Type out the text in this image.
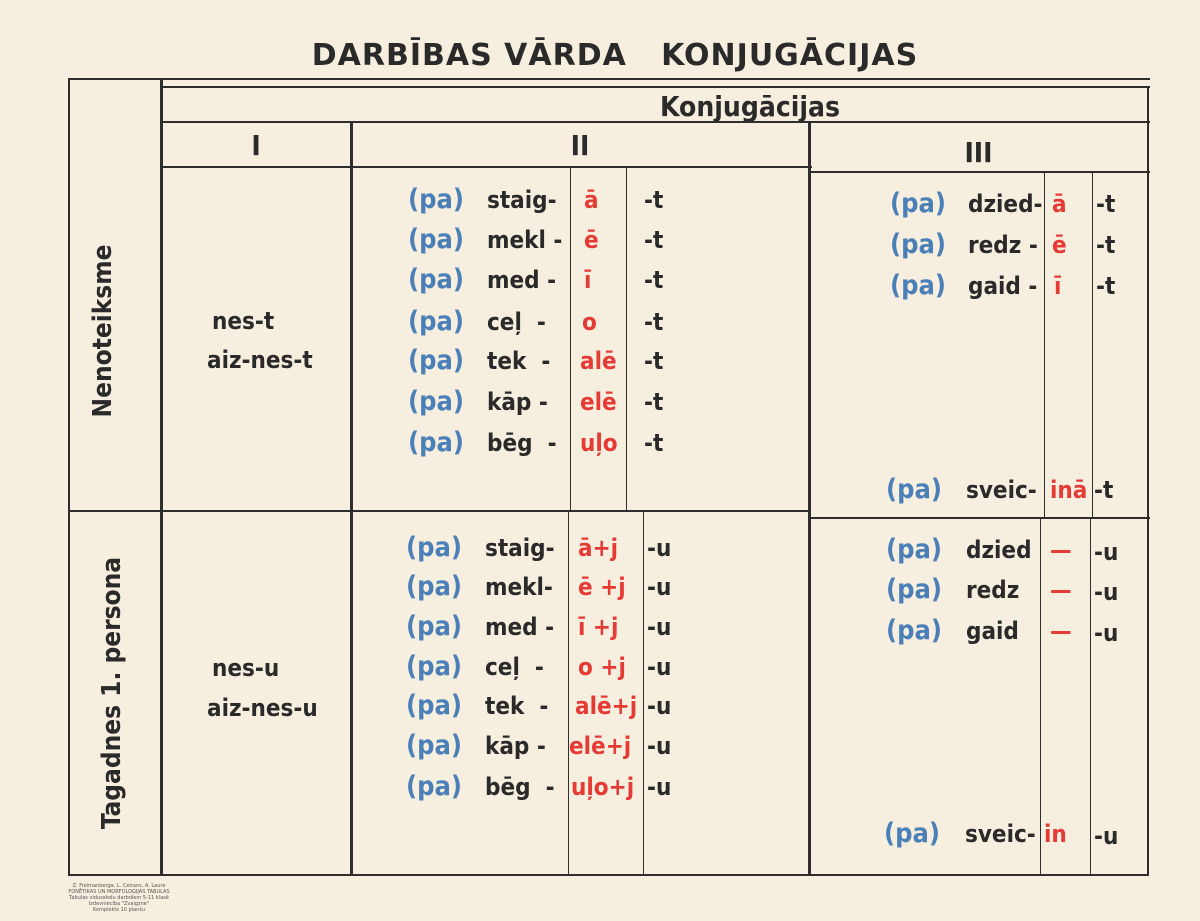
DARBĪBAS VĀRDA   KONJUGĀCIJAS
Konjugācijas
I	II	III
Nenoteiksme
Tagadnes 1. persona
nes-t
aiz-nes-t
nes-u
aiz-nes-u
(pa) staig- ā -t
(pa) mekl - ē -t
(pa) med - ī -t
(pa) ceļ  - o -t
(pa) tek  - alē -t
(pa) kāp - elē -t
(pa) bēg  - uļo -t
(pa) staig- ā+j -u
(pa) mekl- ē +j -u
(pa) med - ī +j -u
(pa) ceļ  - o +j -u
(pa) tek  - alē+j -u
(pa) kāp - elē+j -u
(pa) bēg  - uļo+j -u
(pa) dzied- ā -t
(pa) redz - ē -t
(pa) gaid - ī -t
(pa) sveic- inā -t
(pa) dzied — -u
(pa) redz — -u
(pa) gaid — -u
(pa) sveic- in -u
Z. Freimanberga, L. Ceirans, A. Laure
FONĒTIKAS UN MORFOLOĢIJAS TABULAS
Tabulas vidusskolu darbdiem 5-11 klasē
Izdevniecība "Zvaigzne"
Komplekts 10 planšu
